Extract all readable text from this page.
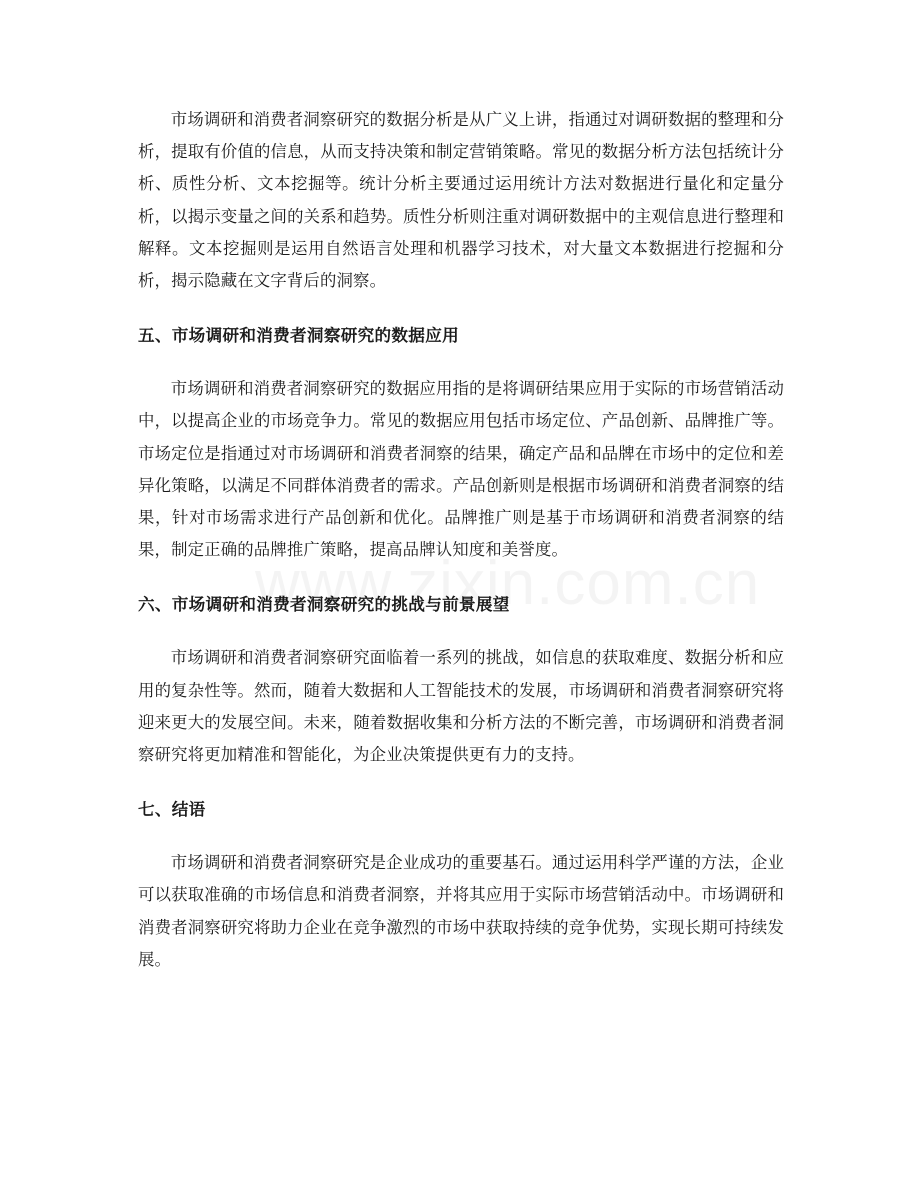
市场调研和消费者洞察研究的数据分析是从广义上讲，指通过对调研数据的整理和分析，提取有价值的信息，从而支持决策和制定营销策略。常见的数据分析方法包括统计分析、质性分析、文本挖掘等。统计分析主要通过运用统计方法对数据进行量化和定量分析，以揭示变量之间的关系和趋势。质性分析则注重对调研数据中的主观信息进行整理和解释。文本挖掘则是运用自然语言处理和机器学习技术，对大量文本数据进行挖掘和分析，揭示隐藏在文字背后的洞察。

五、市场调研和消费者洞察研究的数据应用

市场调研和消费者洞察研究的数据应用指的是将调研结果应用于实际的市场营销活动中，以提高企业的市场竞争力。常见的数据应用包括市场定位、产品创新、品牌推广等。市场定位是指通过对市场调研和消费者洞察的结果，确定产品和品牌在市场中的定位和差异化策略，以满足不同群体消费者的需求。产品创新则是根据市场调研和消费者洞察的结果，针对市场需求进行产品创新和优化。品牌推广则是基于市场调研和消费者洞察的结果，制定正确的品牌推广策略，提高品牌认知度和美誉度。

六、市场调研和消费者洞察研究的挑战与前景展望

市场调研和消费者洞察研究面临着一系列的挑战，如信息的获取难度、数据分析和应用的复杂性等。然而，随着大数据和人工智能技术的发展，市场调研和消费者洞察研究将迎来更大的发展空间。未来，随着数据收集和分析方法的不断完善，市场调研和消费者洞察研究将更加精准和智能化，为企业决策提供更有力的支持。

七、结语

市场调研和消费者洞察研究是企业成功的重要基石。通过运用科学严谨的方法，企业可以获取准确的市场信息和消费者洞察，并将其应用于实际市场营销活动中。市场调研和消费者洞察研究将助力企业在竞争激烈的市场中获取持续的竞争优势，实现长期可持续发展。
